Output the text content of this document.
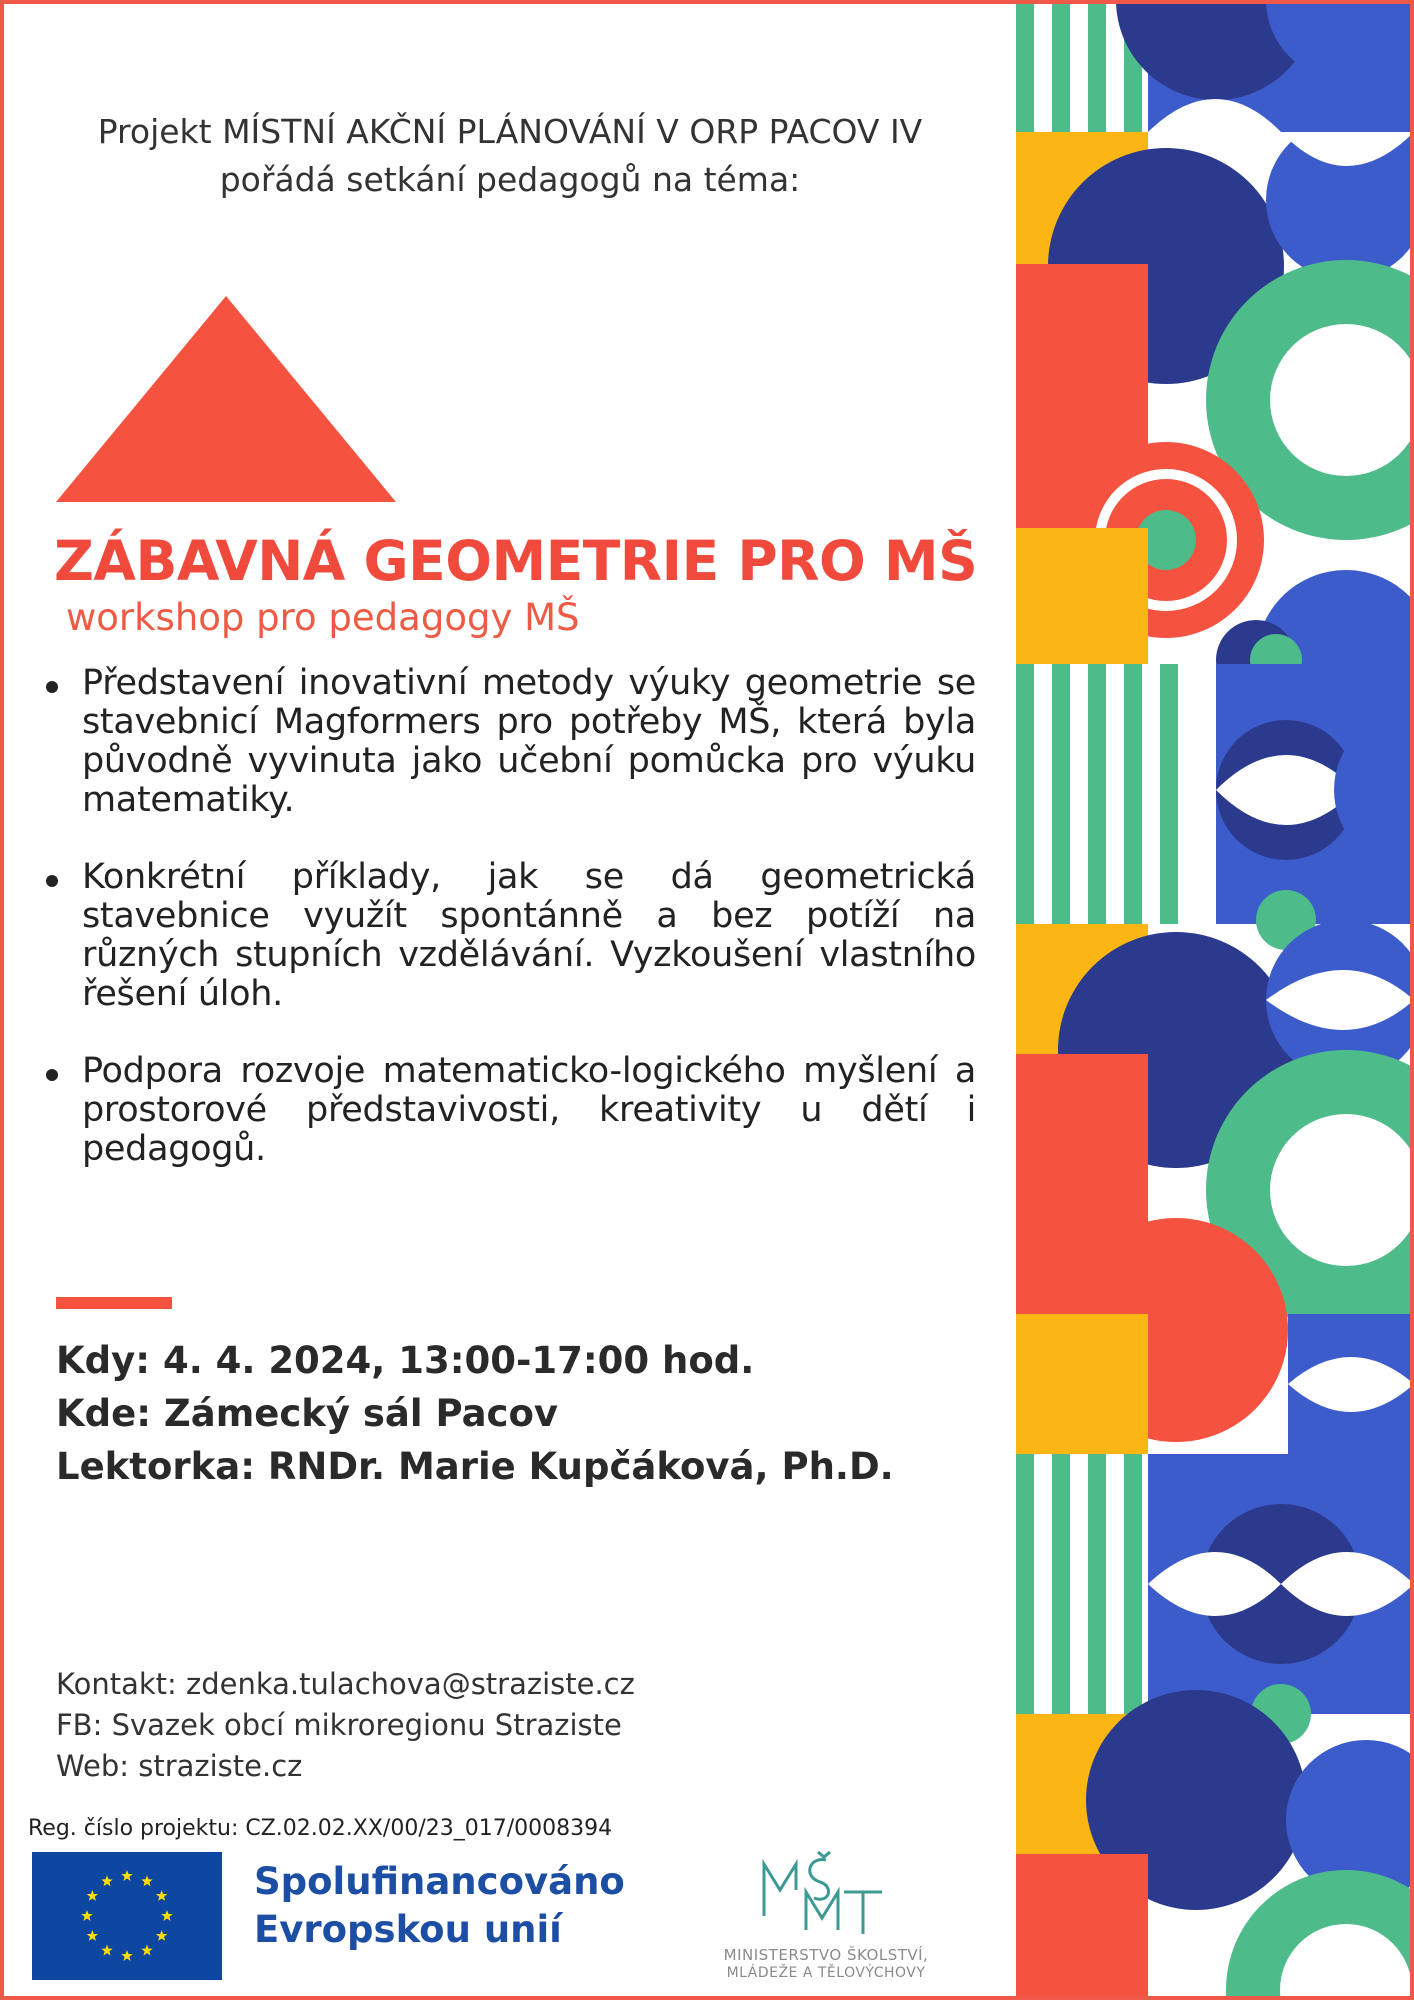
Projekt MÍSTNÍ AKČNÍ PLÁNOVÁNÍ V ORP PACOV IV
pořádá setkání pedagogů na téma:
ZÁBAVNÁ GEOMETRIE PRO MŠ
workshop pro pedagogy MŠ
Představení inovativní metody výuky geometrie se stavebnicí Magformers pro potřeby MŠ, která byla původně vyvinuta jako učební pomůcka pro výuku matematiky.
Konkrétní příklady, jak se dá geometrická stavebnice využít spontánně a bez potíží na různých stupních vzdělávání. Vyzkoušení vlastního řešení úloh.
Podpora rozvoje matematicko-logického myšlení a prostorové představivosti, kreativity u dětí i pedagogů.
Kdy: 4. 4. 2024, 13:00-17:00 hod.
Kde: Zámecký sál Pacov
Lektorka: RNDr. Marie Kupčáková, Ph.D.
Kontakt: zdenka.tulachova@straziste.cz
FB: Svazek obcí mikroregionu Straziste
Web: straziste.cz
Reg. číslo projektu: CZ.02.02.XX/00/23_017/0008394
Spolufinancováno
Evropskou unií
MINISTERSTVO ŠKOLSTVÍ,
MLÁDEŽE A TĚLOVÝCHOVY
